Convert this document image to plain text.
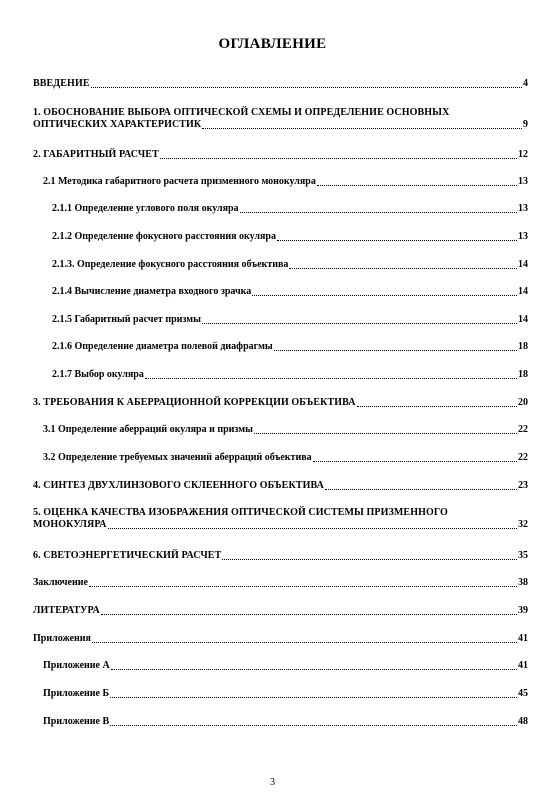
ОГЛАВЛЕНИЕ
ВВЕДЕНИЕ	4
1. ОБОСНОВАНИЕ ВЫБОРА ОПТИЧЕСКОЙ СХЕМЫ И ОПРЕДЕЛЕНИЕ ОСНОВНЫХ
ОПТИЧЕСКИХ ХАРАКТЕРИСТИК	9
2. ГАБАРИТНЫЙ РАСЧЕТ	12
2.1 Методика габаритного расчета призменного монокуляра	13
2.1.1 Определение углового поля окуляра	13
2.1.2 Определение фокусного расстояния окуляра	13
2.1.3. Определение фокусного расстояния объектива	14
2.1.4 Вычисление диаметра входного зрачка	14
2.1.5 Габаритный расчет призмы	14
2.1.6 Определение диаметра полевой диафрагмы	18
2.1.7 Выбор окуляра	18
3. ТРЕБОВАНИЯ К АБЕРРАЦИОННОЙ КОРРЕКЦИИ ОБЪЕКТИВА	20
3.1 Определение аберраций окуляра и призмы	22
3.2 Определение требуемых значений аберраций объектива	22
4. СИНТЕЗ ДВУХЛИНЗОВОГО СКЛЕЕННОГО ОБЪЕКТИВА	23
5. ОЦЕНКА КАЧЕСТВА ИЗОБРАЖЕНИЯ ОПТИЧЕСКОЙ СИСТЕМЫ ПРИЗМЕННОГО
МОНОКУЛЯРА	32
6. СВЕТОЭНЕРГЕТИЧЕСКИЙ РАСЧЕТ	35
Заключение	38
ЛИТЕРАТУРА	39
Приложения	41
Приложение А	41
Приложение Б	45
Приложение В	48
3
